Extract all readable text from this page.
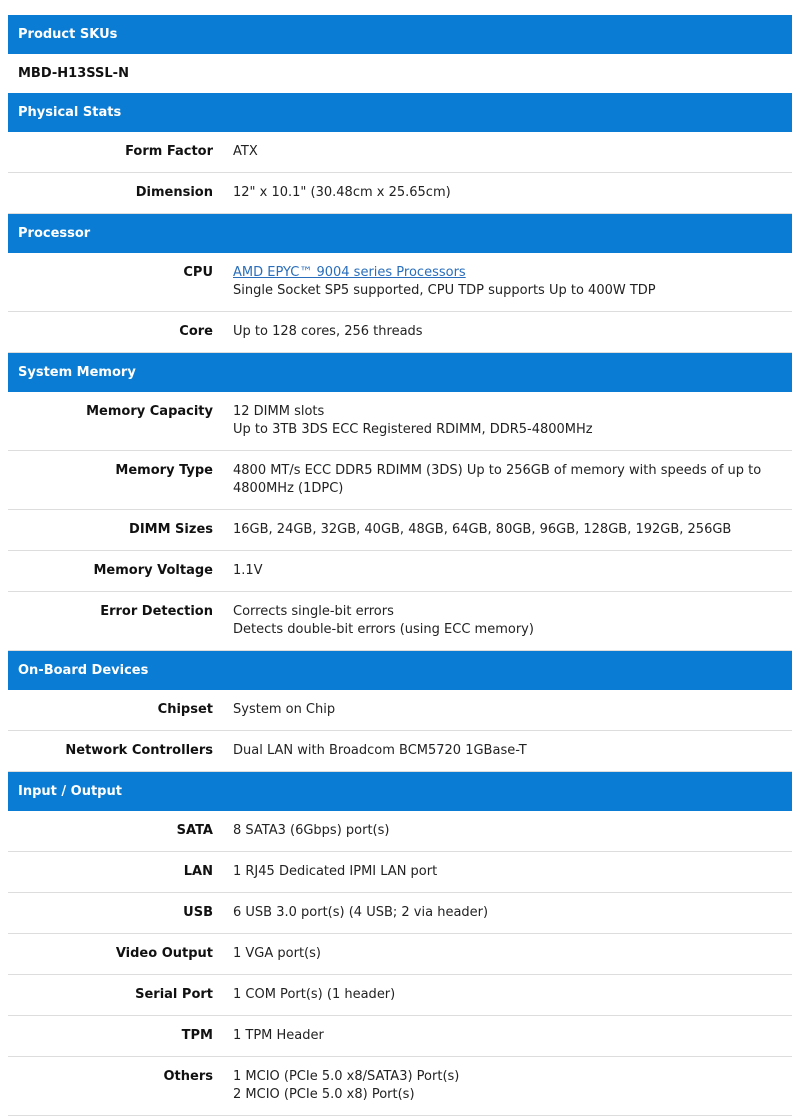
Product SKUs
MBD-H13SSL-N
Physical Stats
Form Factor	ATX
Dimension	12" x 10.1" (30.48cm x 25.65cm)
Processor
CPU	AMD EPYC™ 9004 series Processors
Single Socket SP5 supported, CPU TDP supports Up to 400W TDP
Core	Up to 128 cores, 256 threads
System Memory
Memory Capacity	12 DIMM slots
Up to 3TB 3DS ECC Registered RDIMM, DDR5-4800MHz
Memory Type	4800 MT/s ECC DDR5 RDIMM (3DS) Up to 256GB of memory with speeds of up to 4800MHz (1DPC)
DIMM Sizes	16GB, 24GB, 32GB, 40GB, 48GB, 64GB, 80GB, 96GB, 128GB, 192GB, 256GB
Memory Voltage	1.1V
Error Detection	Corrects single-bit errors
Detects double-bit errors (using ECC memory)
On-Board Devices
Chipset	System on Chip
Network Controllers	Dual LAN with Broadcom BCM5720 1GBase-T
Input / Output
SATA	8 SATA3 (6Gbps) port(s)
LAN	1 RJ45 Dedicated IPMI LAN port
USB	6 USB 3.0 port(s) (4 USB; 2 via header)
Video Output	1 VGA port(s)
Serial Port	1 COM Port(s) (1 header)
TPM	1 TPM Header
Others	1 MCIO (PCIe 5.0 x8/SATA3) Port(s)
2 MCIO (PCIe 5.0 x8) Port(s)
